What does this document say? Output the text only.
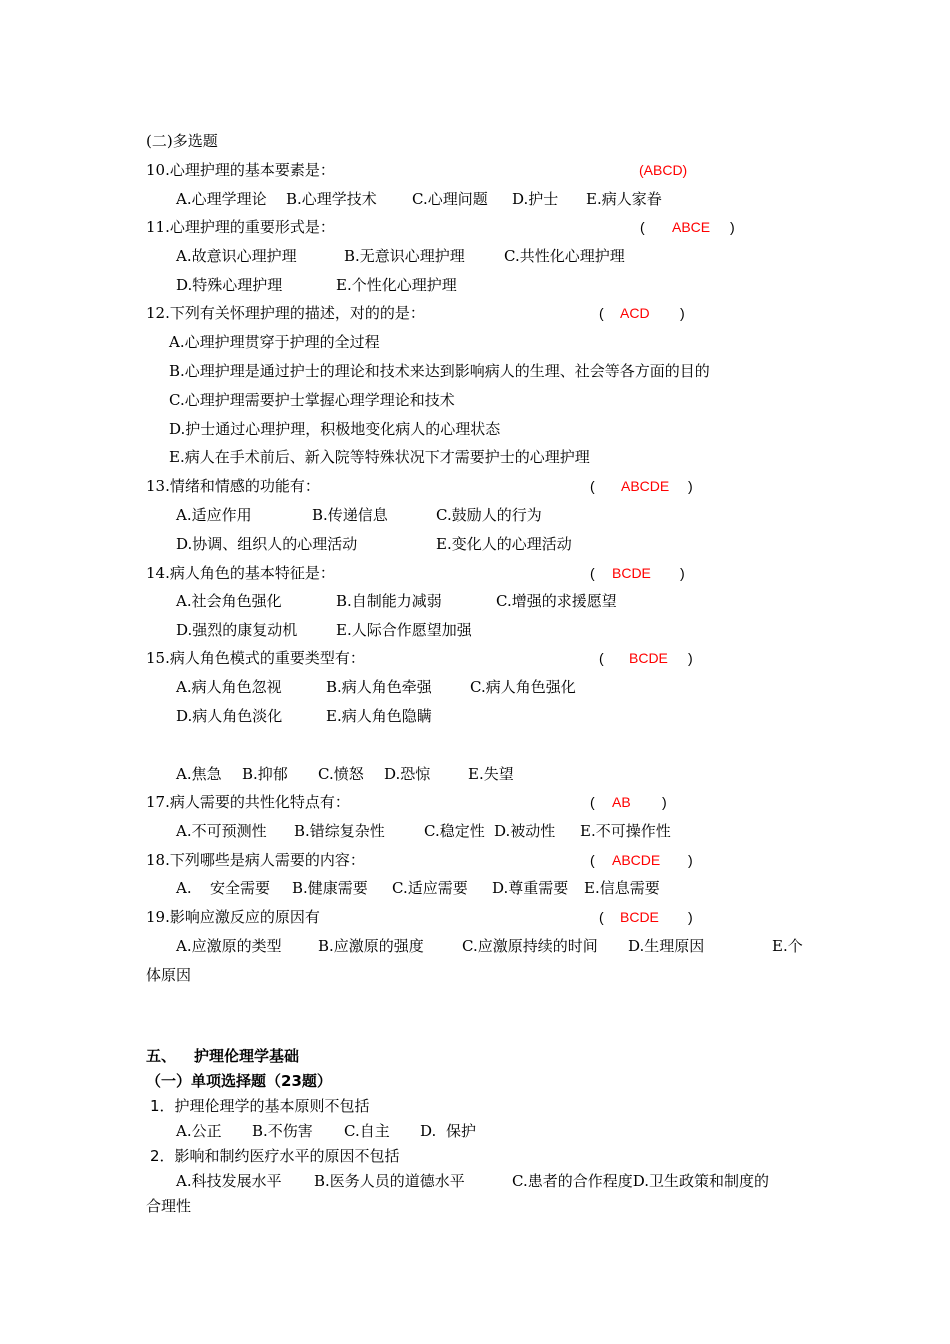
(二)多选题
10.心理护理的基本要素是：	(ABCD)
A.心理学理论 B.心理学技术 C.心理问题 D.护士 E.病人家眷
11.心理护理的重要形式是：	( ABCE )
A.故意识心理护理	B.无意识心理护理	C.共性化心理护理
D.特殊心理护理	E.个性化心理护理
12.下列有关怀理护理的描述，对的的是：	( ACD )
A.心理护理贯穿于护理的全过程
B.心理护理是通过护士的理论和技术来达到影响病人的生理、社会等各方面的目的
C.心理护理需要护士掌握心理学理论和技术
D.护士通过心理护理，积极地变化病人的心理状态
E.病人在手术前后、新入院等特殊状况下才需要护士的心理护理
13.情绪和情感的功能有：	( ABCDE )
A.适应作用	B.传递信息	C.鼓励人的行为
D.协调、组织人的心理活动	E.变化人的心理活动
14.病人角色的基本特征是：	( BCDE )
A.社会角色强化	B.自制能力减弱	C.增强的求援愿望
D.强烈的康复动机	E.人际合作愿望加强
15.病人角色模式的重要类型有：	( BCDE )
A.病人角色忽视	B.病人角色牵强	C.病人角色强化
D.病人角色淡化	E.病人角色隐瞒
A.焦急 B.抑郁 C.愤怒 D.恐惊	E.失望
17.病人需要的共性化特点有：	( AB )
A.不可预测性 B.错综复杂性	C.稳定性 D.被动性 E.不可操作性
18.下列哪些是病人需要的内容：	( ABCDE )
A. 安全需要 B.健康需要 C.适应需要 D.尊重需要 E.信息需要
19.影响应激反应的原因有	( BCDE )
A.应激原的类型 B.应激原的强度	C.应激原持续的时间 D.生理原因	E.个
体原因
五、 护理伦理学基础
（一）单项选择题（23题）
1．护理伦理学的基本原则不包括
A.公正 B.不伤害 C.自主 D. 保护
2．影响和制约医疗水平的原因不包括
A.科技发展水平 B.医务人员的道德水平	C.患者的合作程度D.卫生政策和制度的
合理性
